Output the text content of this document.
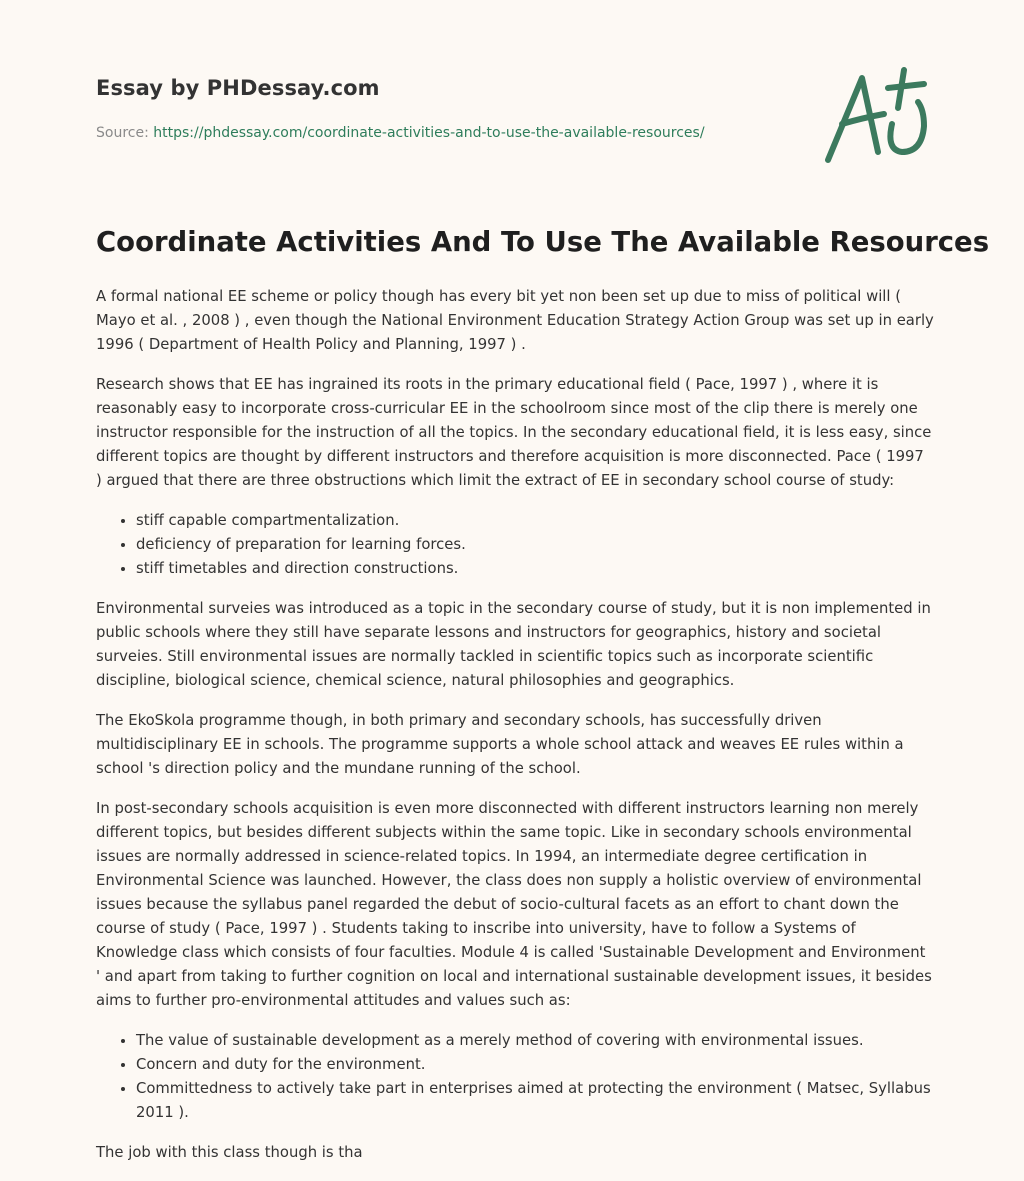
Essay by PHDessay.com
Source: https://phdessay.com/coordinate-activities-and-to-use-the-available-resources/
Coordinate Activities And To Use The Available Resources

A formal national EE scheme or policy though has every bit yet non been set up due to miss of political will ( Mayo et al. , 2008 ) , even though the National Environment Education Strategy Action Group was set up in early 1996 ( Department of Health Policy and Planning, 1997 ) .

Research shows that EE has ingrained its roots in the primary educational field ( Pace, 1997 ) , where it is reasonably easy to incorporate cross-curricular EE in the schoolroom since most of the clip there is merely one instructor responsible for the instruction of all the topics. In the secondary educational field, it is less easy, since different topics are thought by different instructors and therefore acquisition is more disconnected. Pace ( 1997 ) argued that there are three obstructions which limit the extract of EE in secondary school course of study:

• stiff capable compartmentalization.
• deficiency of preparation for learning forces.
• stiff timetables and direction constructions.

Environmental surveies was introduced as a topic in the secondary course of study, but it is non implemented in public schools where they still have separate lessons and instructors for geographics, history and societal surveies. Still environmental issues are normally tackled in scientific topics such as incorporate scientific discipline, biological science, chemical science, natural philosophies and geographics.

The EkoSkola programme though, in both primary and secondary schools, has successfully driven multidisciplinary EE in schools. The programme supports a whole school attack and weaves EE rules within a school 's direction policy and the mundane running of the school.

In post-secondary schools acquisition is even more disconnected with different instructors learning non merely different topics, but besides different subjects within the same topic. Like in secondary schools environmental issues are normally addressed in science-related topics. In 1994, an intermediate degree certification in Environmental Science was launched. However, the class does non supply a holistic overview of environmental issues because the syllabus panel regarded the debut of socio-cultural facets as an effort to chant down the course of study ( Pace, 1997 ) . Students taking to inscribe into university, have to follow a Systems of Knowledge class which consists of four faculties. Module 4 is called 'Sustainable Development and Environment ' and apart from taking to further cognition on local and international sustainable development issues, it besides aims to further pro-environmental attitudes and values such as:

• The value of sustainable development as a merely method of covering with environmental issues.
• Concern and duty for the environment.
• Committedness to actively take part in enterprises aimed at protecting the environment ( Matsec, Syllabus 2011 ).

The job with this class though is tha
